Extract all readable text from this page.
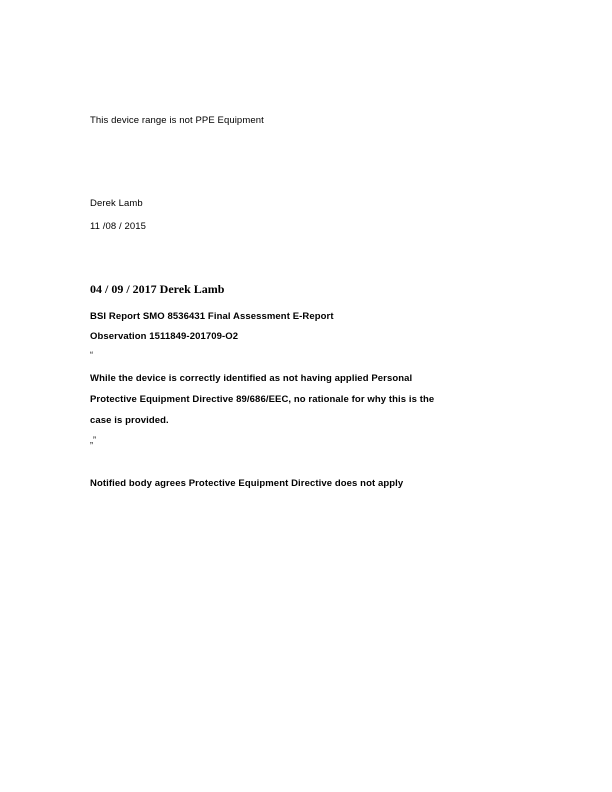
This device range is not PPE Equipment
Derek Lamb
11 /08 / 2015
04 / 09 / 2017 Derek Lamb
BSI Report SMO 8536431 Final Assessment E-Report
Observation 1511849-201709-O2
“
While the device is correctly identified as not having applied Personal
Protective Equipment Directive 89/686/EEC, no rationale for why this is the
case is provided.
„”
Notified body agrees Protective Equipment Directive does not apply
